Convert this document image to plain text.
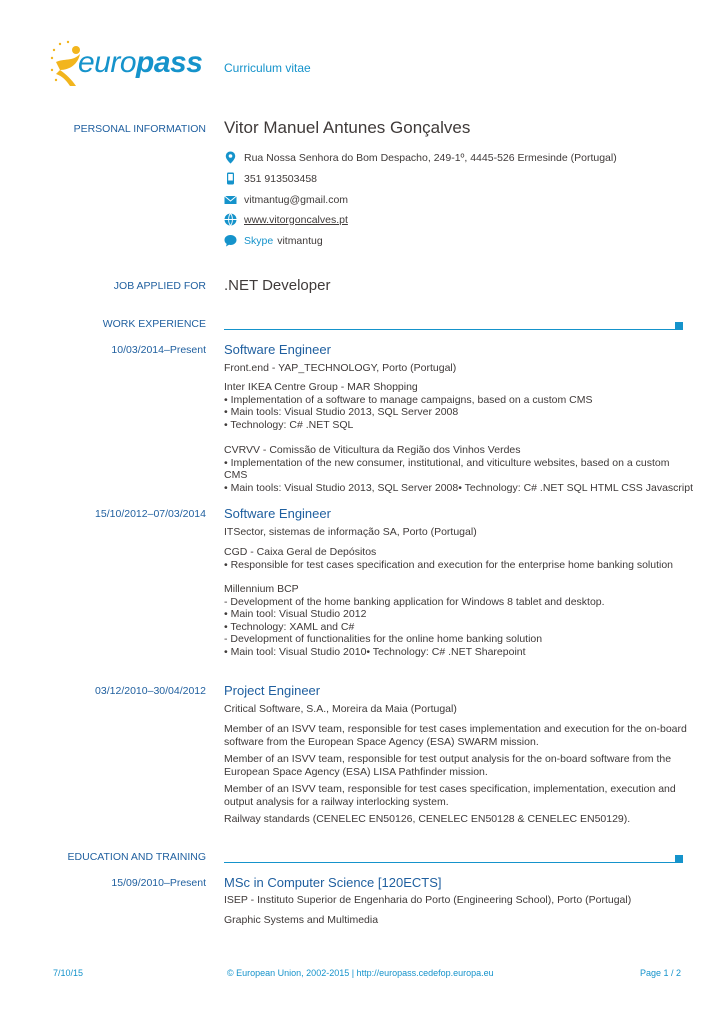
europass Curriculum vitae
PERSONAL INFORMATION Vitor Manuel Antunes Gonçalves
Rua Nossa Senhora do Bom Despacho, 249-1º, 4445-526 Ermesinde (Portugal)
351 913503458
vitmantug@gmail.com
www.vitorgoncalves.pt
Skype vitmantug
JOB APPLIED FOR .NET Developer
WORK EXPERIENCE
10/03/2014–Present Software Engineer
Front.end - YAP_TECHNOLOGY, Porto (Portugal)
Inter IKEA Centre Group - MAR Shopping
• Implementation of a software to manage campaigns, based on a custom CMS
• Main tools: Visual Studio 2013, SQL Server 2008
• Technology: C# .NET SQL
CVRVV - Comissão de Viticultura da Região dos Vinhos Verdes
• Implementation of the new consumer, institutional, and viticulture websites, based on a custom CMS
• Main tools: Visual Studio 2013, SQL Server 2008• Technology: C# .NET SQL HTML CSS Javascript
15/10/2012–07/03/2014 Software Engineer
ITSector, sistemas de informação SA, Porto (Portugal)
CGD - Caixa Geral de Depósitos
• Responsible for test cases specification and execution for the enterprise home banking solution
Millennium BCP
- Development of the home banking application for Windows 8 tablet and desktop.
• Main tool: Visual Studio 2012
• Technology: XAML and C#
- Development of functionalities for the online home banking solution
• Main tool: Visual Studio 2010• Technology: C# .NET Sharepoint
03/12/2010–30/04/2012 Project Engineer
Critical Software, S.A., Moreira da Maia (Portugal)
Member of an ISVV team, responsible for test cases implementation and execution for the on-board software from the European Space Agency (ESA) SWARM mission.
Member of an ISVV team, responsible for test output analysis for the on-board software from the European Space Agency (ESA) LISA Pathfinder mission.
Member of an ISVV team, responsible for test cases specification, implementation, execution and output analysis for a railway interlocking system.
Railway standards (CENELEC EN50126, CENELEC EN50128 & CENELEC EN50129).
EDUCATION AND TRAINING
15/09/2010–Present MSc in Computer Science [120ECTS]
ISEP - Instituto Superior de Engenharia do Porto (Engineering School), Porto (Portugal)
Graphic Systems and Multimedia
7/10/15	© European Union, 2002-2015 | http://europass.cedefop.europa.eu	Page 1 / 2
